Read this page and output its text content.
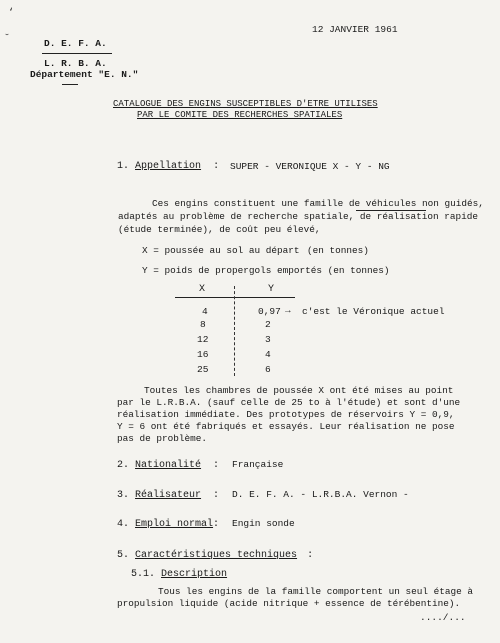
12 JANVIER 1961
‘
˘	D. E. F. A.
L. R. B. A.
Département "E. N."
CATALOGUE DES ENGINS SUSCEPTIBLES D'ETRE UTILISES
PAR LE COMITE DES RECHERCHES SPATIALES
1. Appellation : SUPER - VERONIQUE X - Y - NG
Ces engins constituent une famille de véhicules non guidés,
adaptés au problème de recherche spatiale, de réalisation rapide
(étude terminée), de coût peu élevé,
X = poussée au sol au départ (en tonnes)
Y = poids de propergols emportés (en tonnes)
X	Y
4	0,97 → c'est le Véronique actuel
8	2
12	3
16	4
25	6
Toutes les chambres de poussée X ont été mises au point
par le L.R.B.A. (sauf celle de 25 to à l'étude) et sont d'une
réalisation immédiate. Des prototypes de réservoirs Y = 0,9,
Y = 6 ont été fabriqués et essayés. Leur réalisation ne pose
pas de problème.
2. Nationalité : Française
3. Réalisateur : D. E. F. A. - L.R.B.A. Vernon -
4. Emploi normal : Engin sonde
5. Caractéristiques techniques :
5.1. Description
Tous les engins de la famille comportent un seul étage à
propulsion liquide (acide nitrique + essence de térébentine).
..../...
